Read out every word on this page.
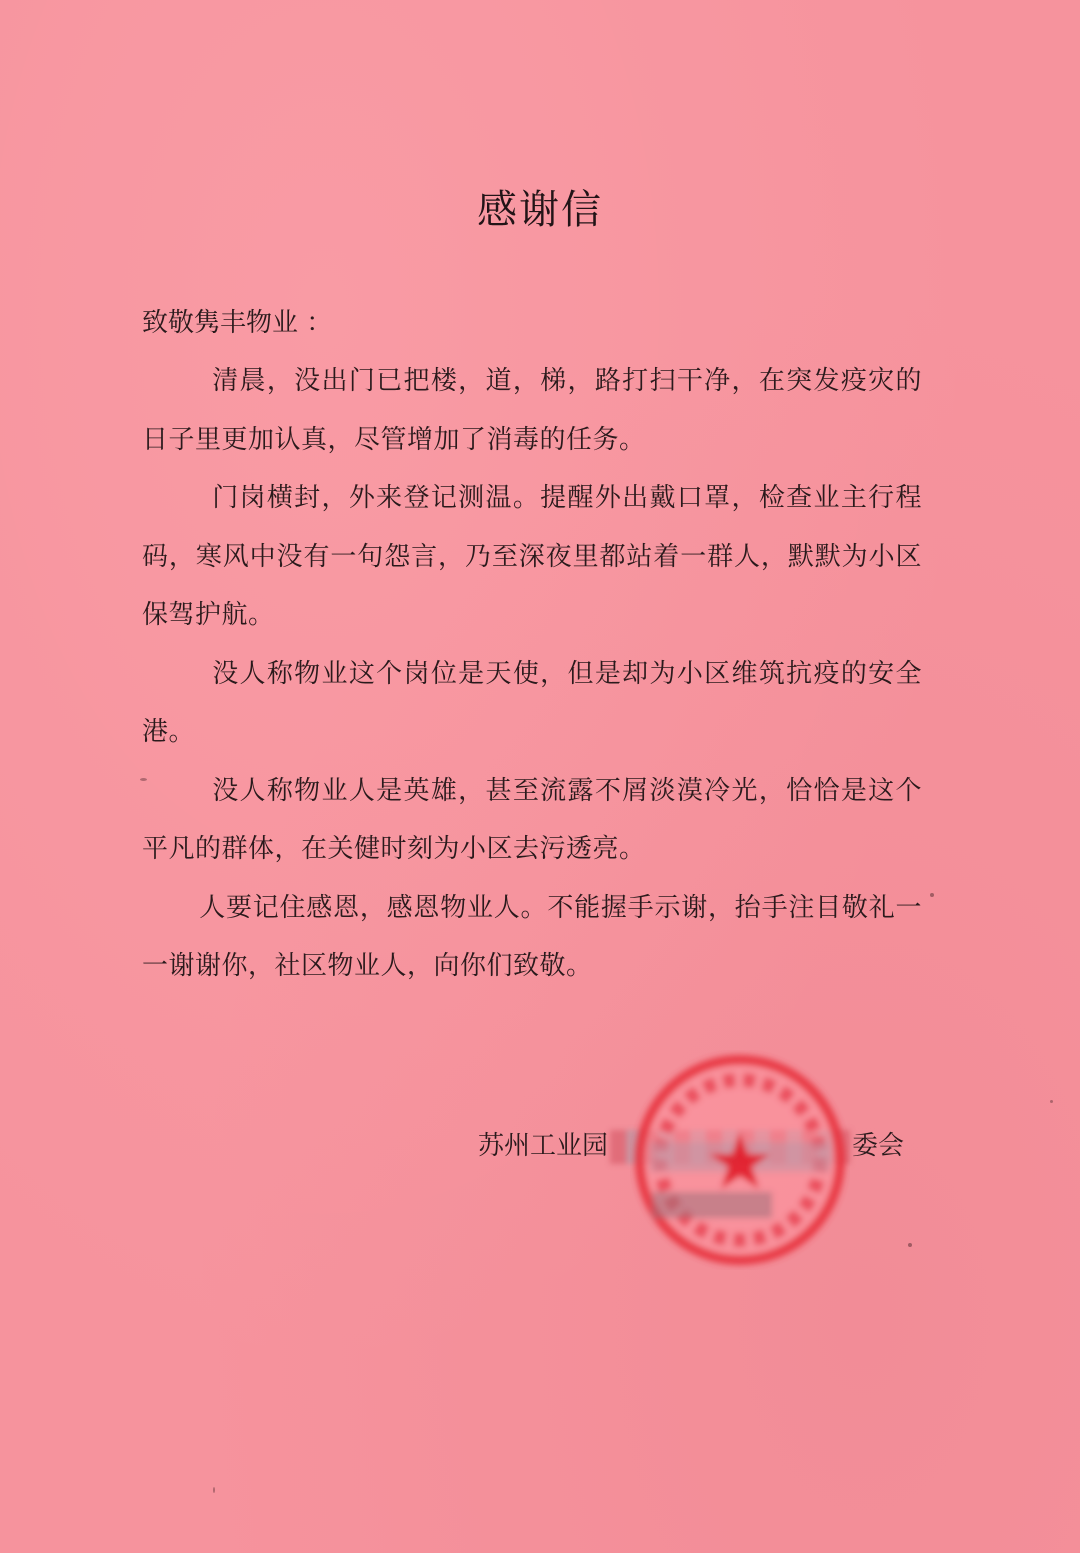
感谢信
致敬隽丰物业 ：

清晨，没出门已把楼，道，梯，路打扫干净，在突发疫灾的日子里更加认真，尽管增加了消毒的任务。

门岗横封，外来登记测温。提醒外出戴口罩，检查业主行程码，寒风中没有一句怨言，乃至深夜里都站着一群人，默默为小区保驾护航。

没人称物业这个岗位是天使，但是却为小区维筑抗疫的安全港。

没人称物业人是英雄，甚至流露不屑淡漠冷光，恰恰是这个平凡的群体，在关健时刻为小区去污透亮。

人要记住感恩，感恩物业人。不能握手示谢，抬手注目敬礼一一谢谢你，社区物业人，向你们致敬。

苏州工业园	委会
